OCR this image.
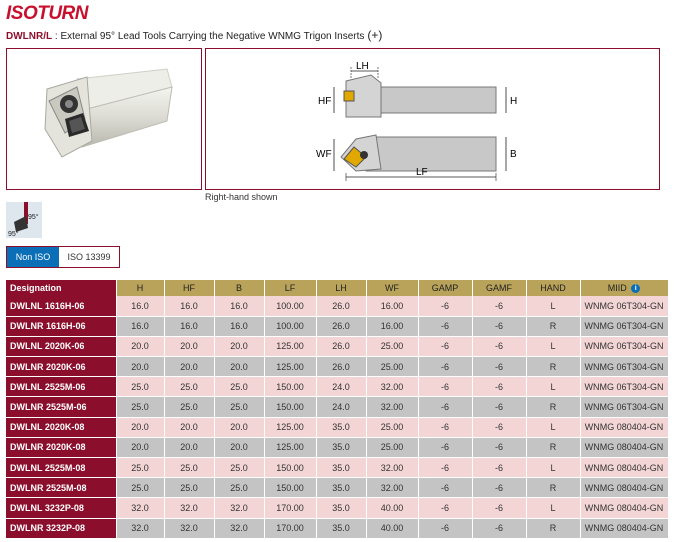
ISOTURN
DWLNR/L : External 95° Lead Tools Carrying the Negative WNMG Trigon Inserts (+)
LH
HF	H
WF	B
LF
Right-hand shown
95°
95°
Non ISO	ISO 13399
Designation	H	HF	B	LF	LH	WF	GAMP	GAMF	HAND	MIID i
DWLNL 1616H-06	16.0	16.0	16.0	100.00	26.0	16.00	-6	-6	L	WNMG 06T304-GN
DWLNR 1616H-06	16.0	16.0	16.0	100.00	26.0	16.00	-6	-6	R	WNMG 06T304-GN
DWLNL 2020K-06	20.0	20.0	20.0	125.00	26.0	25.00	-6	-6	L	WNMG 06T304-GN
DWLNR 2020K-06	20.0	20.0	20.0	125.00	26.0	25.00	-6	-6	R	WNMG 06T304-GN
DWLNL 2525M-06	25.0	25.0	25.0	150.00	24.0	32.00	-6	-6	L	WNMG 06T304-GN
DWLNR 2525M-06	25.0	25.0	25.0	150.00	24.0	32.00	-6	-6	R	WNMG 06T304-GN
DWLNL 2020K-08	20.0	20.0	20.0	125.00	35.0	25.00	-6	-6	L	WNMG 080404-GN
DWLNR 2020K-08	20.0	20.0	20.0	125.00	35.0	25.00	-6	-6	R	WNMG 080404-GN
DWLNL 2525M-08	25.0	25.0	25.0	150.00	35.0	32.00	-6	-6	L	WNMG 080404-GN
DWLNR 2525M-08	25.0	25.0	25.0	150.00	35.0	32.00	-6	-6	R	WNMG 080404-GN
DWLNL 3232P-08	32.0	32.0	32.0	170.00	35.0	40.00	-6	-6	L	WNMG 080404-GN
DWLNR 3232P-08	32.0	32.0	32.0	170.00	35.0	40.00	-6	-6	R	WNMG 080404-GN
